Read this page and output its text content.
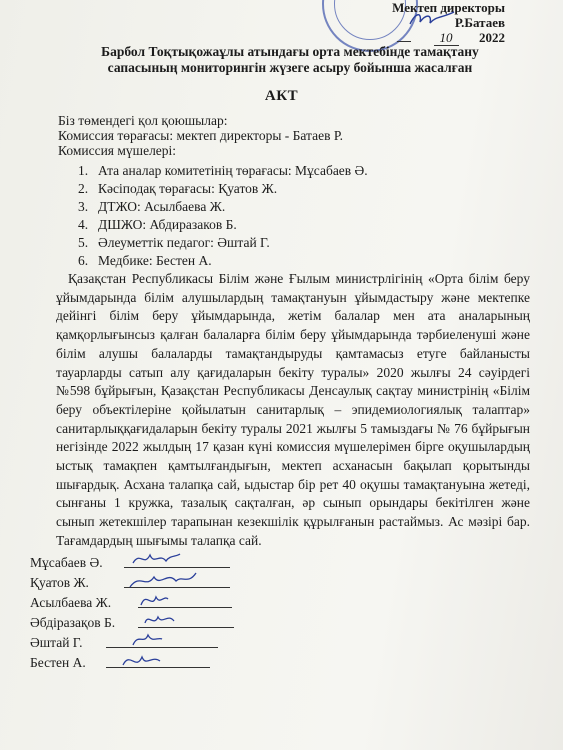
Мектеп директоры
Р.Батаев
10 2022
Барбол Тоқтықожаұлы атындағы орта мектебінде тамақтану сапасының мониторингін жүзеге асыру бойынша жасалған
АКТ
Біз төмендегі қол қоюшылар:
Комиссия төрағасы: мектеп директоры - Батаев Р.
Комиссия мүшелері:
1. Ата аналар комитетінің төрағасы: Мұсабаев Ә.
2. Кәсіподақ төрағасы: Қуатов Ж.
3. ДТЖО: Асылбаева Ж.
4. ДШЖО: Абдиразаков Б.
5. Әлеуметтік педагог: Әштай Г.
6. Медбике: Бестен А.
Қазақстан Республикасы Білім және Ғылым министрлігінің «Орта білім беру ұйымдарында білім алушылардың тамақтануын ұйымдастыру және мектепке дейінгі білім беру ұйымдарында, жетім балалар мен ата аналарының қамқорлығынсыз қалған балаларға білім беру ұйымдарында тәрбиеленуші және білім алушы балаларды тамақтандыруды қамтамасыз етуге байланысты тауарларды сатып алу қағидаларын бекіту туралы» 2020 жылғы 24 сәуірдегі №598 бұйрығын, Қазақстан Республикасы Денсаулық сақтау министрінің «Білім беру объектілеріне қойылатын санитарлық – эпидемиологиялық талаптар» санитарлыққағидаларын бекіту туралы 2021 жылғы 5 тамыздағы № 76 бұйрығын негізінде 2022 жылдың 17 қазан күні комиссия мүшелерімен бірге оқушылардың ыстық тамақпен қамтылғандығын, мектеп асханасын бақылап қорытынды шығардық. Асхана талапқа сай, ыдыстар бір рет 40 оқушы тамақтануына жетеді, сынғаны 1 кружка, тазалық сақталған, әр сынып орындары бекітілген және сынып жетекшілер тарапынан кезекшілік құрылғанын растаймыз. Ас мәзірі бар. Тағамдардың шығымы талапқа сай.
Мұсабаев Ә.
Қуатов Ж.
Асылбаева Ж.
Әбдіразақов Б.
Әштай Г.
Бестен А.
